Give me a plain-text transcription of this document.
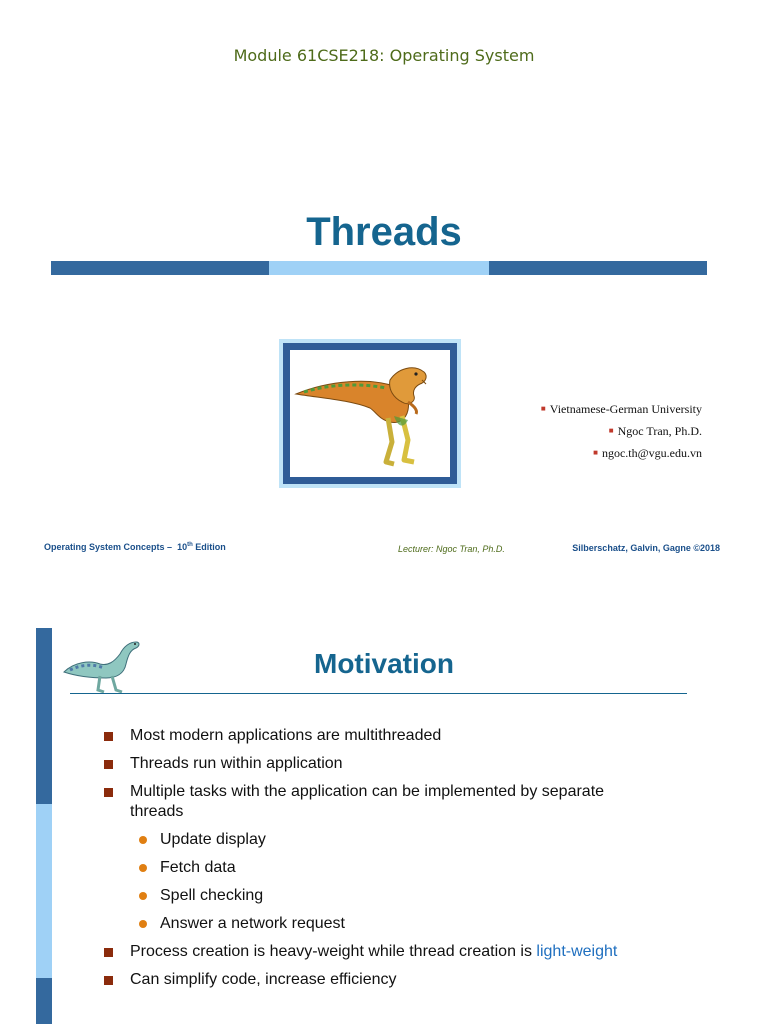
Module 61CSE218: Operating System
Threads
■ Vietnamese-German University
■ Ngoc Tran, Ph.D.
■ ngoc.th@vgu.edu.vn
Operating System Concepts – 10th Edition	Lecturer: Ngoc Tran, Ph.D.	Silberschatz, Galvin, Gagne ©2018
Motivation
Most modern applications are multithreaded
Threads run within application
Multiple tasks with the application can be implemented by separate threads
Update display
Fetch data
Spell checking
Answer a network request
Process creation is heavy-weight while thread creation is light-weight
Can simplify code, increase efficiency
